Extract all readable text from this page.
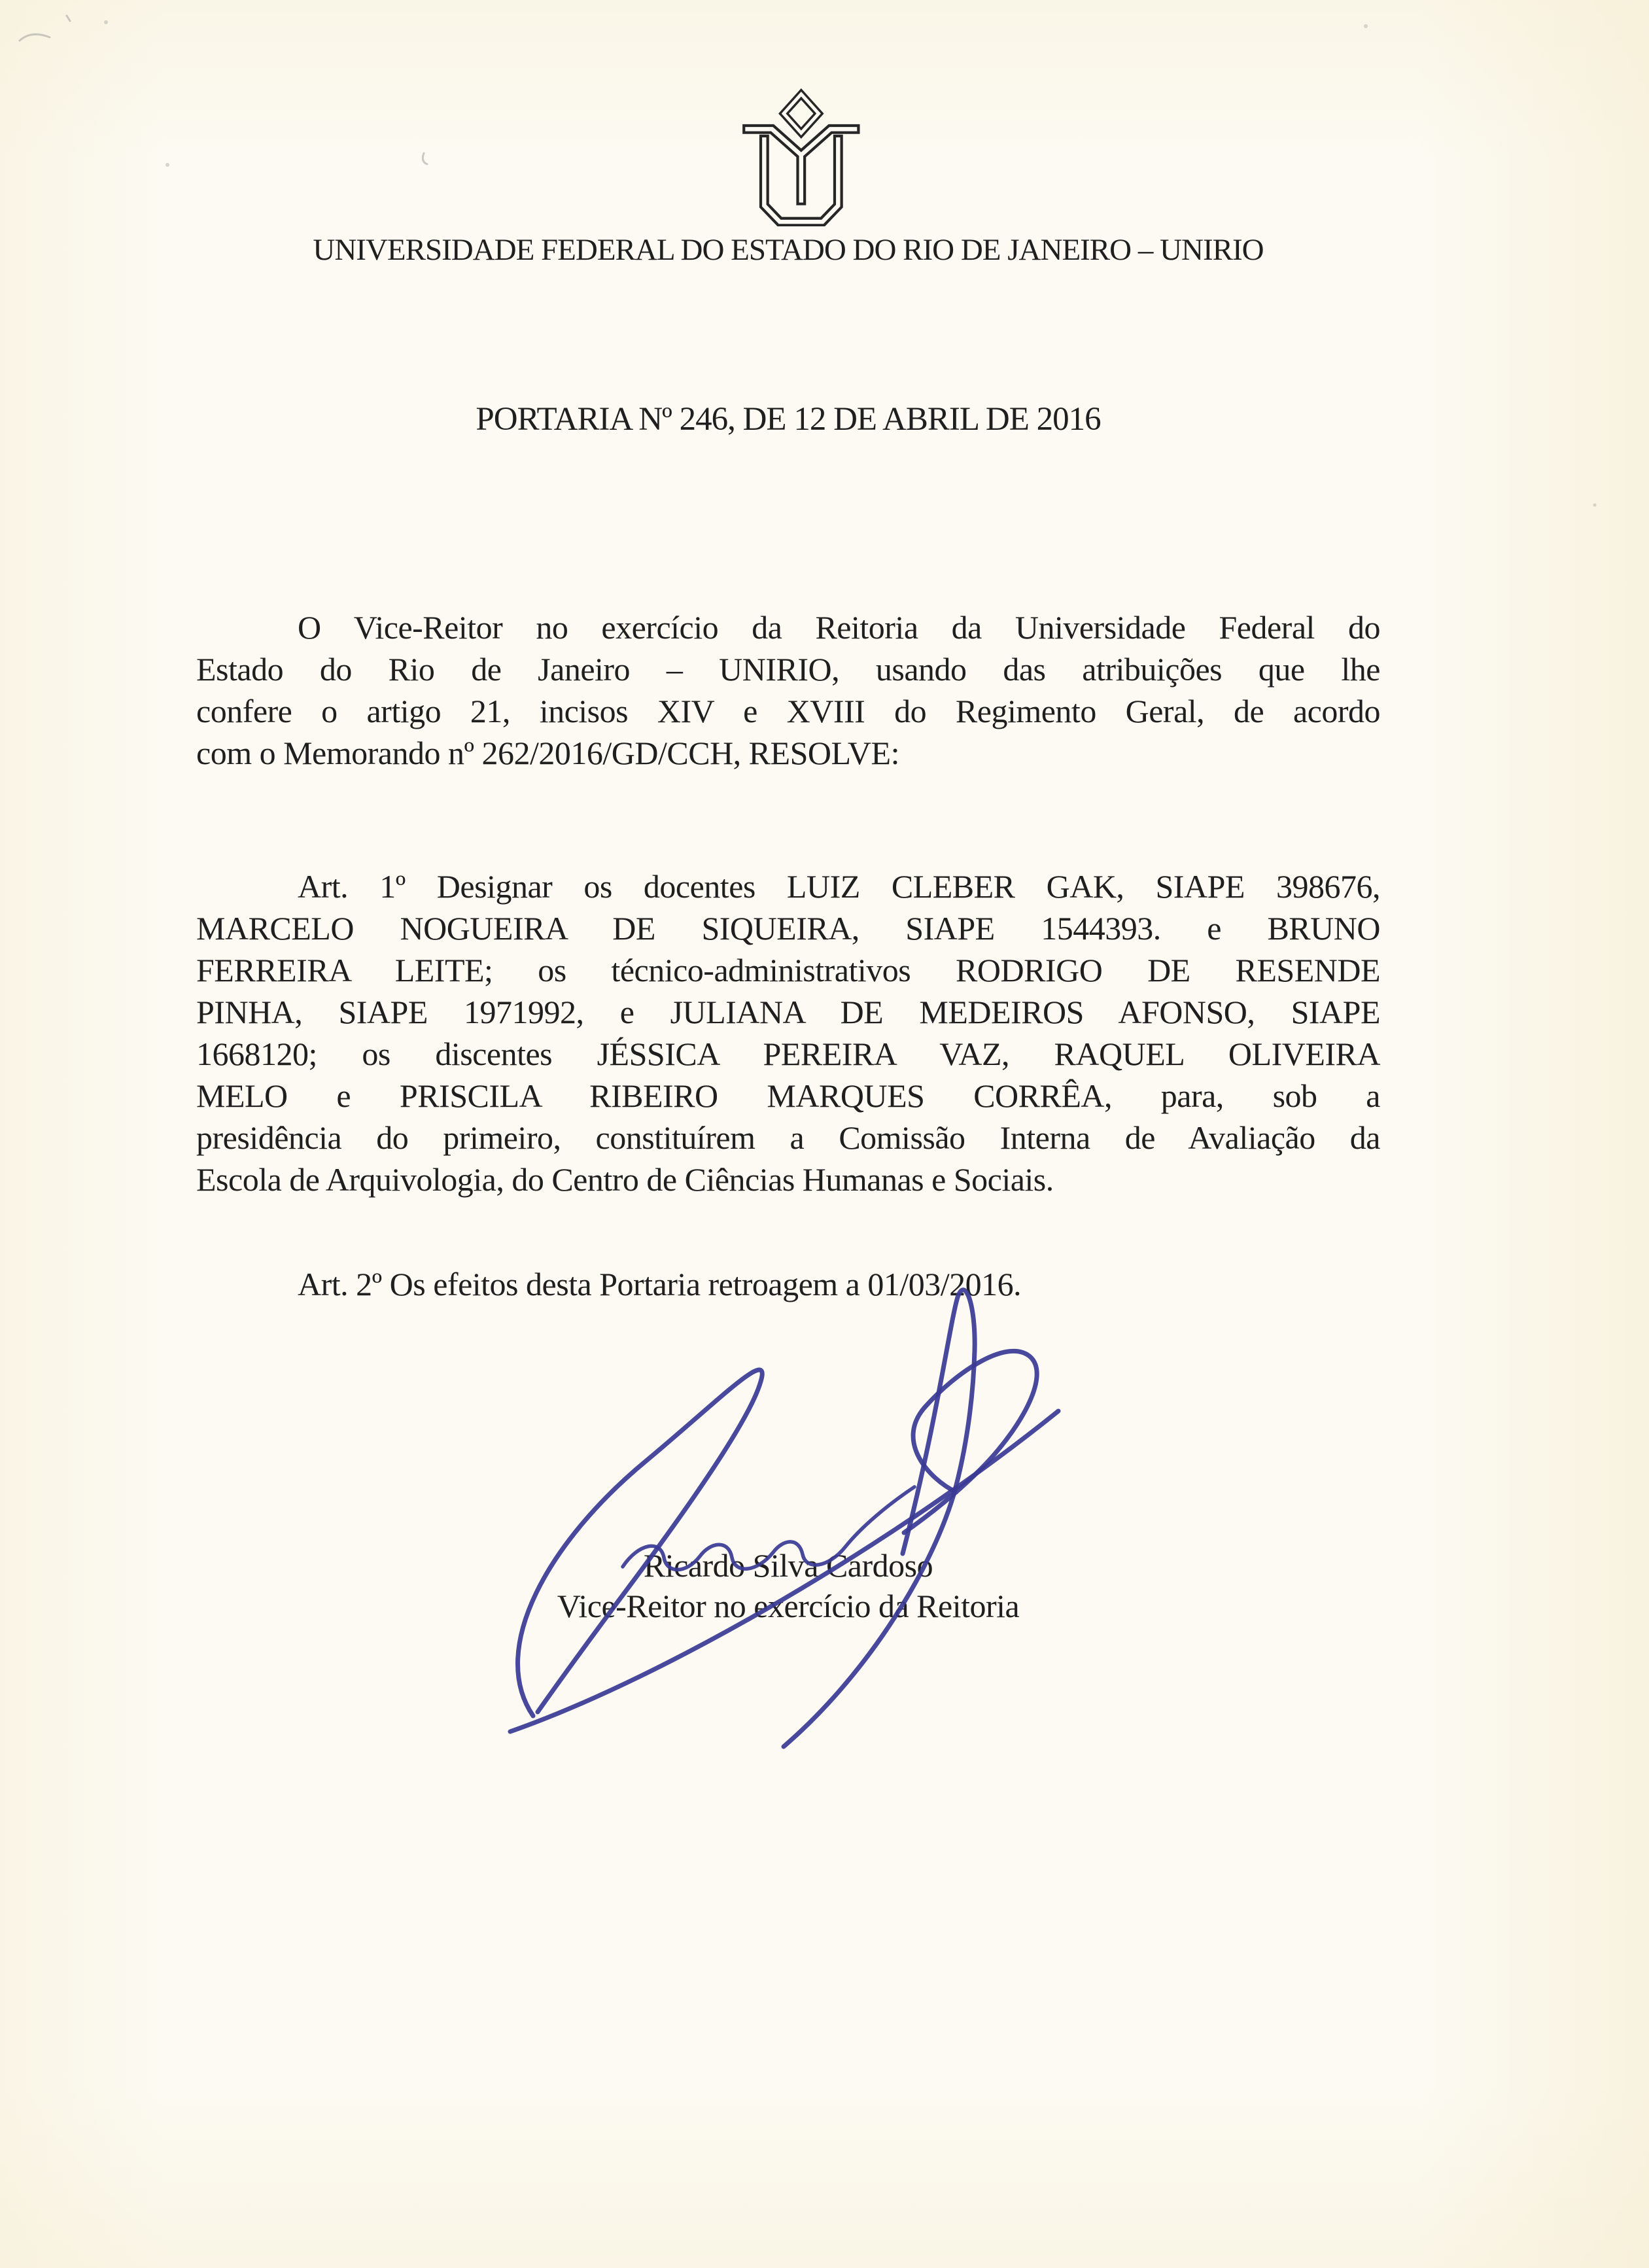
UNIVERSIDADE FEDERAL DO ESTADO DO RIO DE JANEIRO – UNIRIO
PORTARIA Nº 246, DE 12 DE ABRIL DE 2016
O Vice-Reitor no exercício da Reitoria da Universidade Federal do
Estado do Rio de Janeiro – UNIRIO, usando das atribuições que lhe
confere o artigo 21, incisos XIV e XVIII do Regimento Geral, de acordo
com o Memorando nº 262/2016/GD/CCH, RESOLVE:
Art. 1º Designar os docentes LUIZ CLEBER GAK, SIAPE 398676,
MARCELO NOGUEIRA DE SIQUEIRA, SIAPE 1544393. e BRUNO
FERREIRA LEITE; os técnico-administrativos RODRIGO DE RESENDE
PINHA, SIAPE 1971992, e JULIANA DE MEDEIROS AFONSO, SIAPE
1668120; os discentes JÉSSICA PEREIRA VAZ, RAQUEL OLIVEIRA
MELO e PRISCILA RIBEIRO MARQUES CORRÊA, para, sob a
presidência do primeiro, constituírem a Comissão Interna de Avaliação da
Escola de Arquivologia, do Centro de Ciências Humanas e Sociais.
Art. 2º Os efeitos desta Portaria retroagem a 01/03/2016.
Ricardo Silva Cardoso
Vice-Reitor no exercício da Reitoria
